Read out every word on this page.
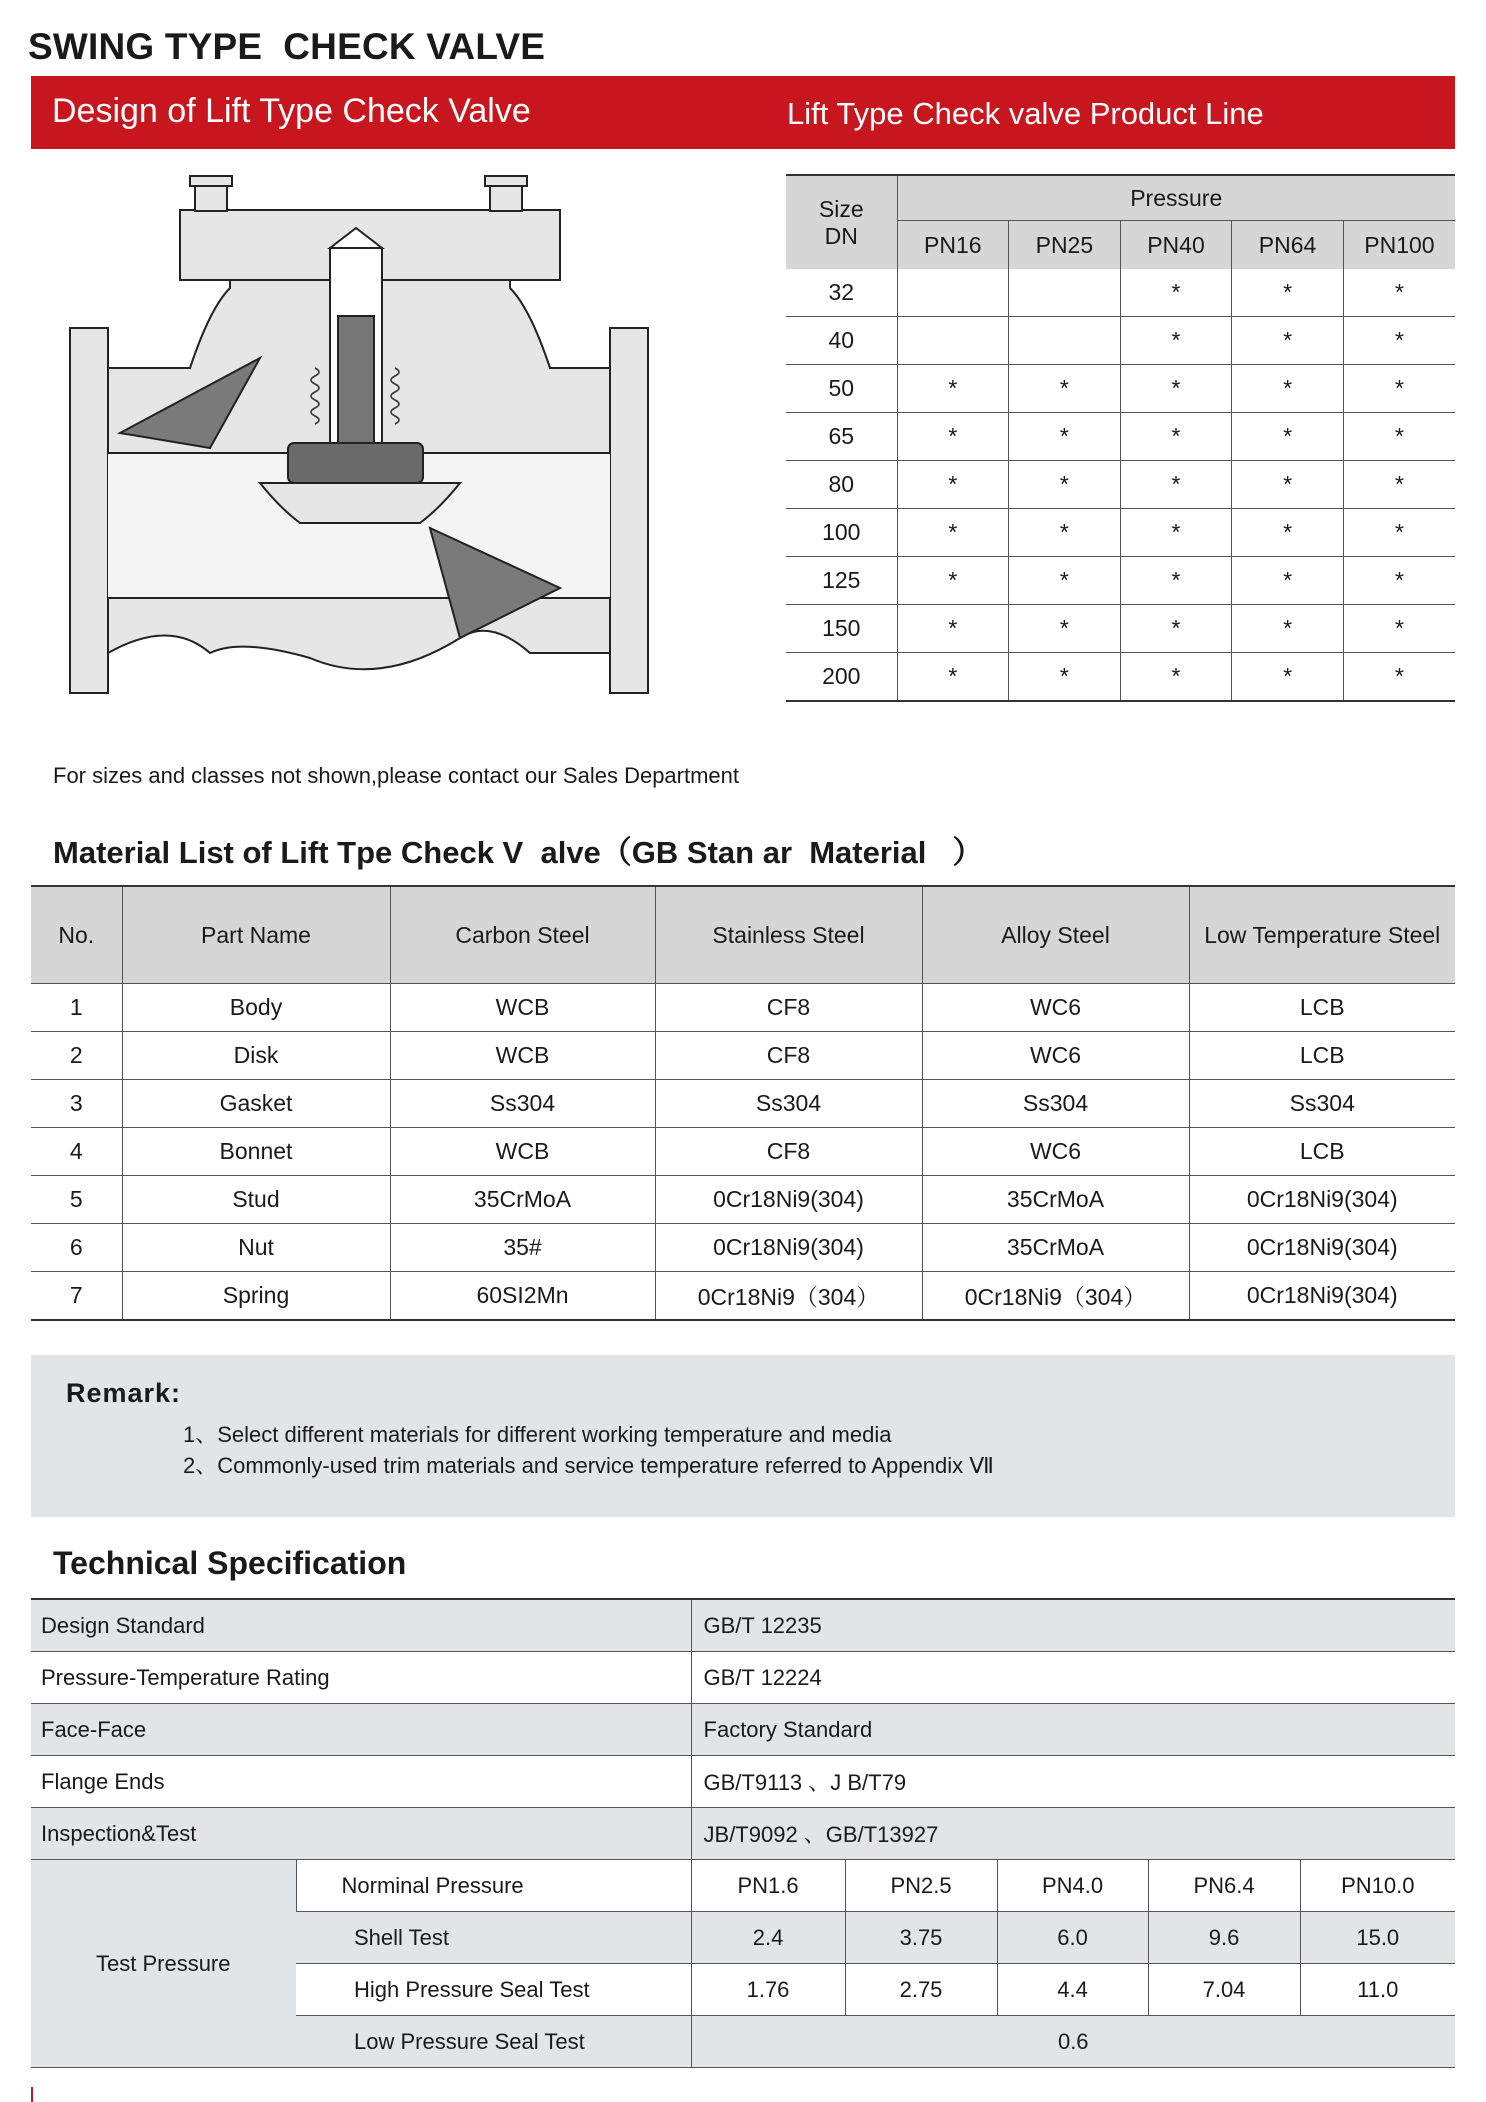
SWING TYPE  CHECK VALVE
Design of Lift Type Check Valve	Lift Type Check valve Product Line
Size
DN	Pressure				
	PN16	PN25	PN40	PN64	PN100
32			*	*	*
40			*	*	*
50	*	*	*	*	*
65	*	*	*	*	*
80	*	*	*	*	*
100	*	*	*	*	*
125	*	*	*	*	*
150	*	*	*	*	*
200	*	*	*	*	*
For sizes and classes not shown,please contact our Sales Department
Material List of Lift Tpe Check V  alve（GB Stan ar  Material   ）
No.	Part Name	Carbon Steel	Stainless Steel	Alloy Steel	Low Temperature Steel
1	Body	WCB	CF8	WC6	LCB
2	Disk	WCB	CF8	WC6	LCB
3	Gasket	Ss304	Ss304	Ss304	Ss304
4	Bonnet	WCB	CF8	WC6	LCB
5	Stud	35CrMoA	0Cr18Ni9(304)	35CrMoA	0Cr18Ni9(304)
6	Nut	35#	0Cr18Ni9(304)	35CrMoA	0Cr18Ni9(304)
7	Spring	60SI2Mn	0Cr18Ni9（304）	0Cr18Ni9（304）	0Cr18Ni9(304)
Remark:
1、Select different materials for different working temperature and media
2、Commonly-used trim materials and service temperature referred to Appendix Ⅶ
Technical Specification
Design Standard		GB/T 12235				
Pressure-Temperature Rating		GB/T 12224				
Face-Face		Factory Standard				
Flange Ends		GB/T9113 、J B/T79				
Inspection&Test		JB/T9092 、GB/T13927				
Test Pressure	Norminal Pressure	PN1.6	PN2.5	PN4.0	PN6.4	PN10.0
	Shell Test	2.4	3.75	6.0	9.6	15.0
	High Pressure Seal Test	1.76	2.75	4.4	7.04	11.0
	Low Pressure Seal Test	0.6				
